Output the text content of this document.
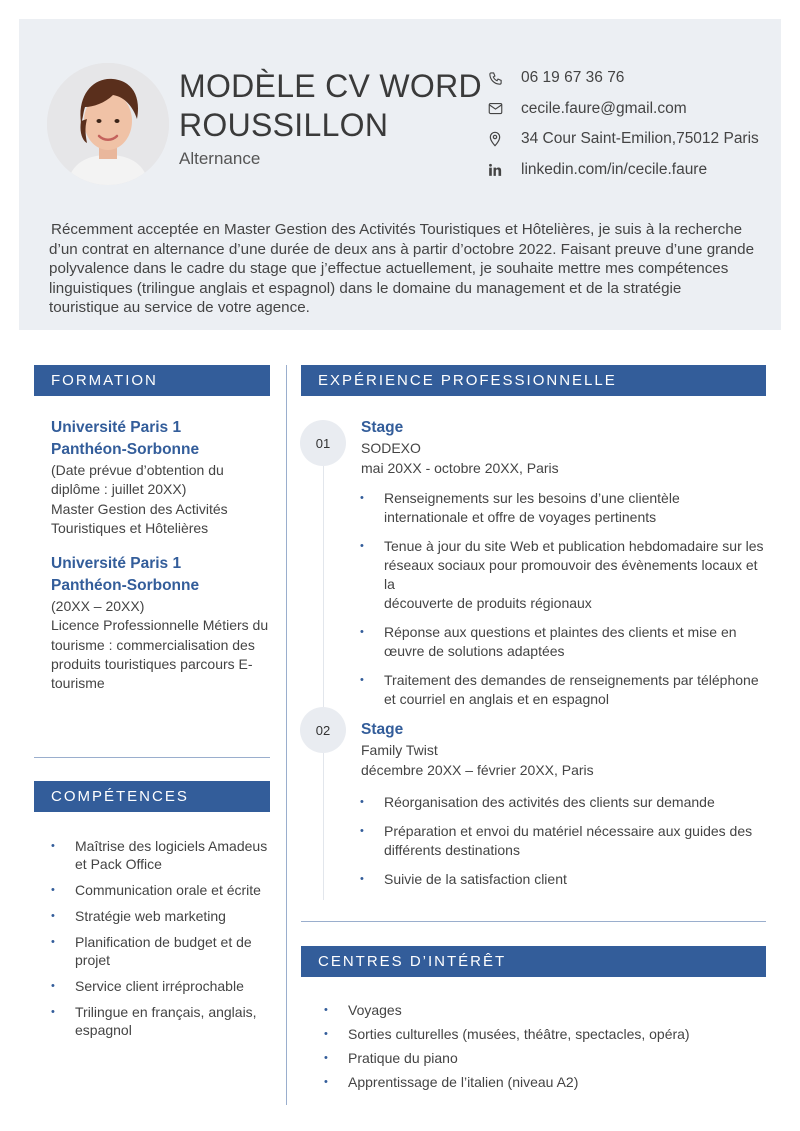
MODÈLE CV WORD
ROUSSILLON
Alternance
06 19 67 36 76
cecile.faure@gmail.com
34 Cour Saint-Emilion,75012 Paris
linkedin.com/in/cecile.faure
Récemment acceptée en Master Gestion des Activités Touristiques et Hôtelières, je suis à la recherche d’un contrat en alternance d’une durée de deux ans à partir d’octobre 2022. Faisant preuve d’une grande polyvalence dans le cadre du stage que j’effectue actuellement, je souhaite mettre mes compétences linguistiques (trilingue anglais et espagnol) dans le domaine du management et de la stratégie touristique au service de votre agence.
FORMATION
Université Paris 1
Panthéon-Sorbonne
(Date prévue d’obtention du
diplôme : juillet 20XX)
Master Gestion des Activités
Touristiques et Hôtelières
Université Paris 1
Panthéon-Sorbonne
(20XX – 20XX)
Licence Professionnelle Métiers du
tourisme : commercialisation des
produits touristiques parcours E-
tourisme
COMPÉTENCES
• Maîtrise des logiciels Amadeus
et Pack Office
• Communication orale et écrite
• Stratégie web marketing
• Planification de budget et de
projet
• Service client irréprochable
• Trilingue en français, anglais,
espagnol
EXPÉRIENCE PROFESSIONNELLE
01
Stage
SODEXO
mai 20XX - octobre 20XX, Paris
• Renseignements sur les besoins d’une clientèle
internationale et offre de voyages pertinents
• Tenue à jour du site Web et publication hebdomadaire sur les
réseaux sociaux pour promouvoir des évènements locaux et la
découverte de produits régionaux
• Réponse aux questions et plaintes des clients et mise en
œuvre de solutions adaptées
• Traitement des demandes de renseignements par téléphone
et courriel en anglais et en espagnol
02	Stage
Family Twist
décembre 20XX – février 20XX, Paris
• Réorganisation des activités des clients sur demande
• Préparation et envoi du matériel nécessaire aux guides des
différents destinations
• Suivie de la satisfaction client
CENTRES D’INTÉRÊT
• Voyages
• Sorties culturelles (musées, théâtre, spectacles, opéra)
• Pratique du piano
• Apprentissage de l’italien (niveau A2)
